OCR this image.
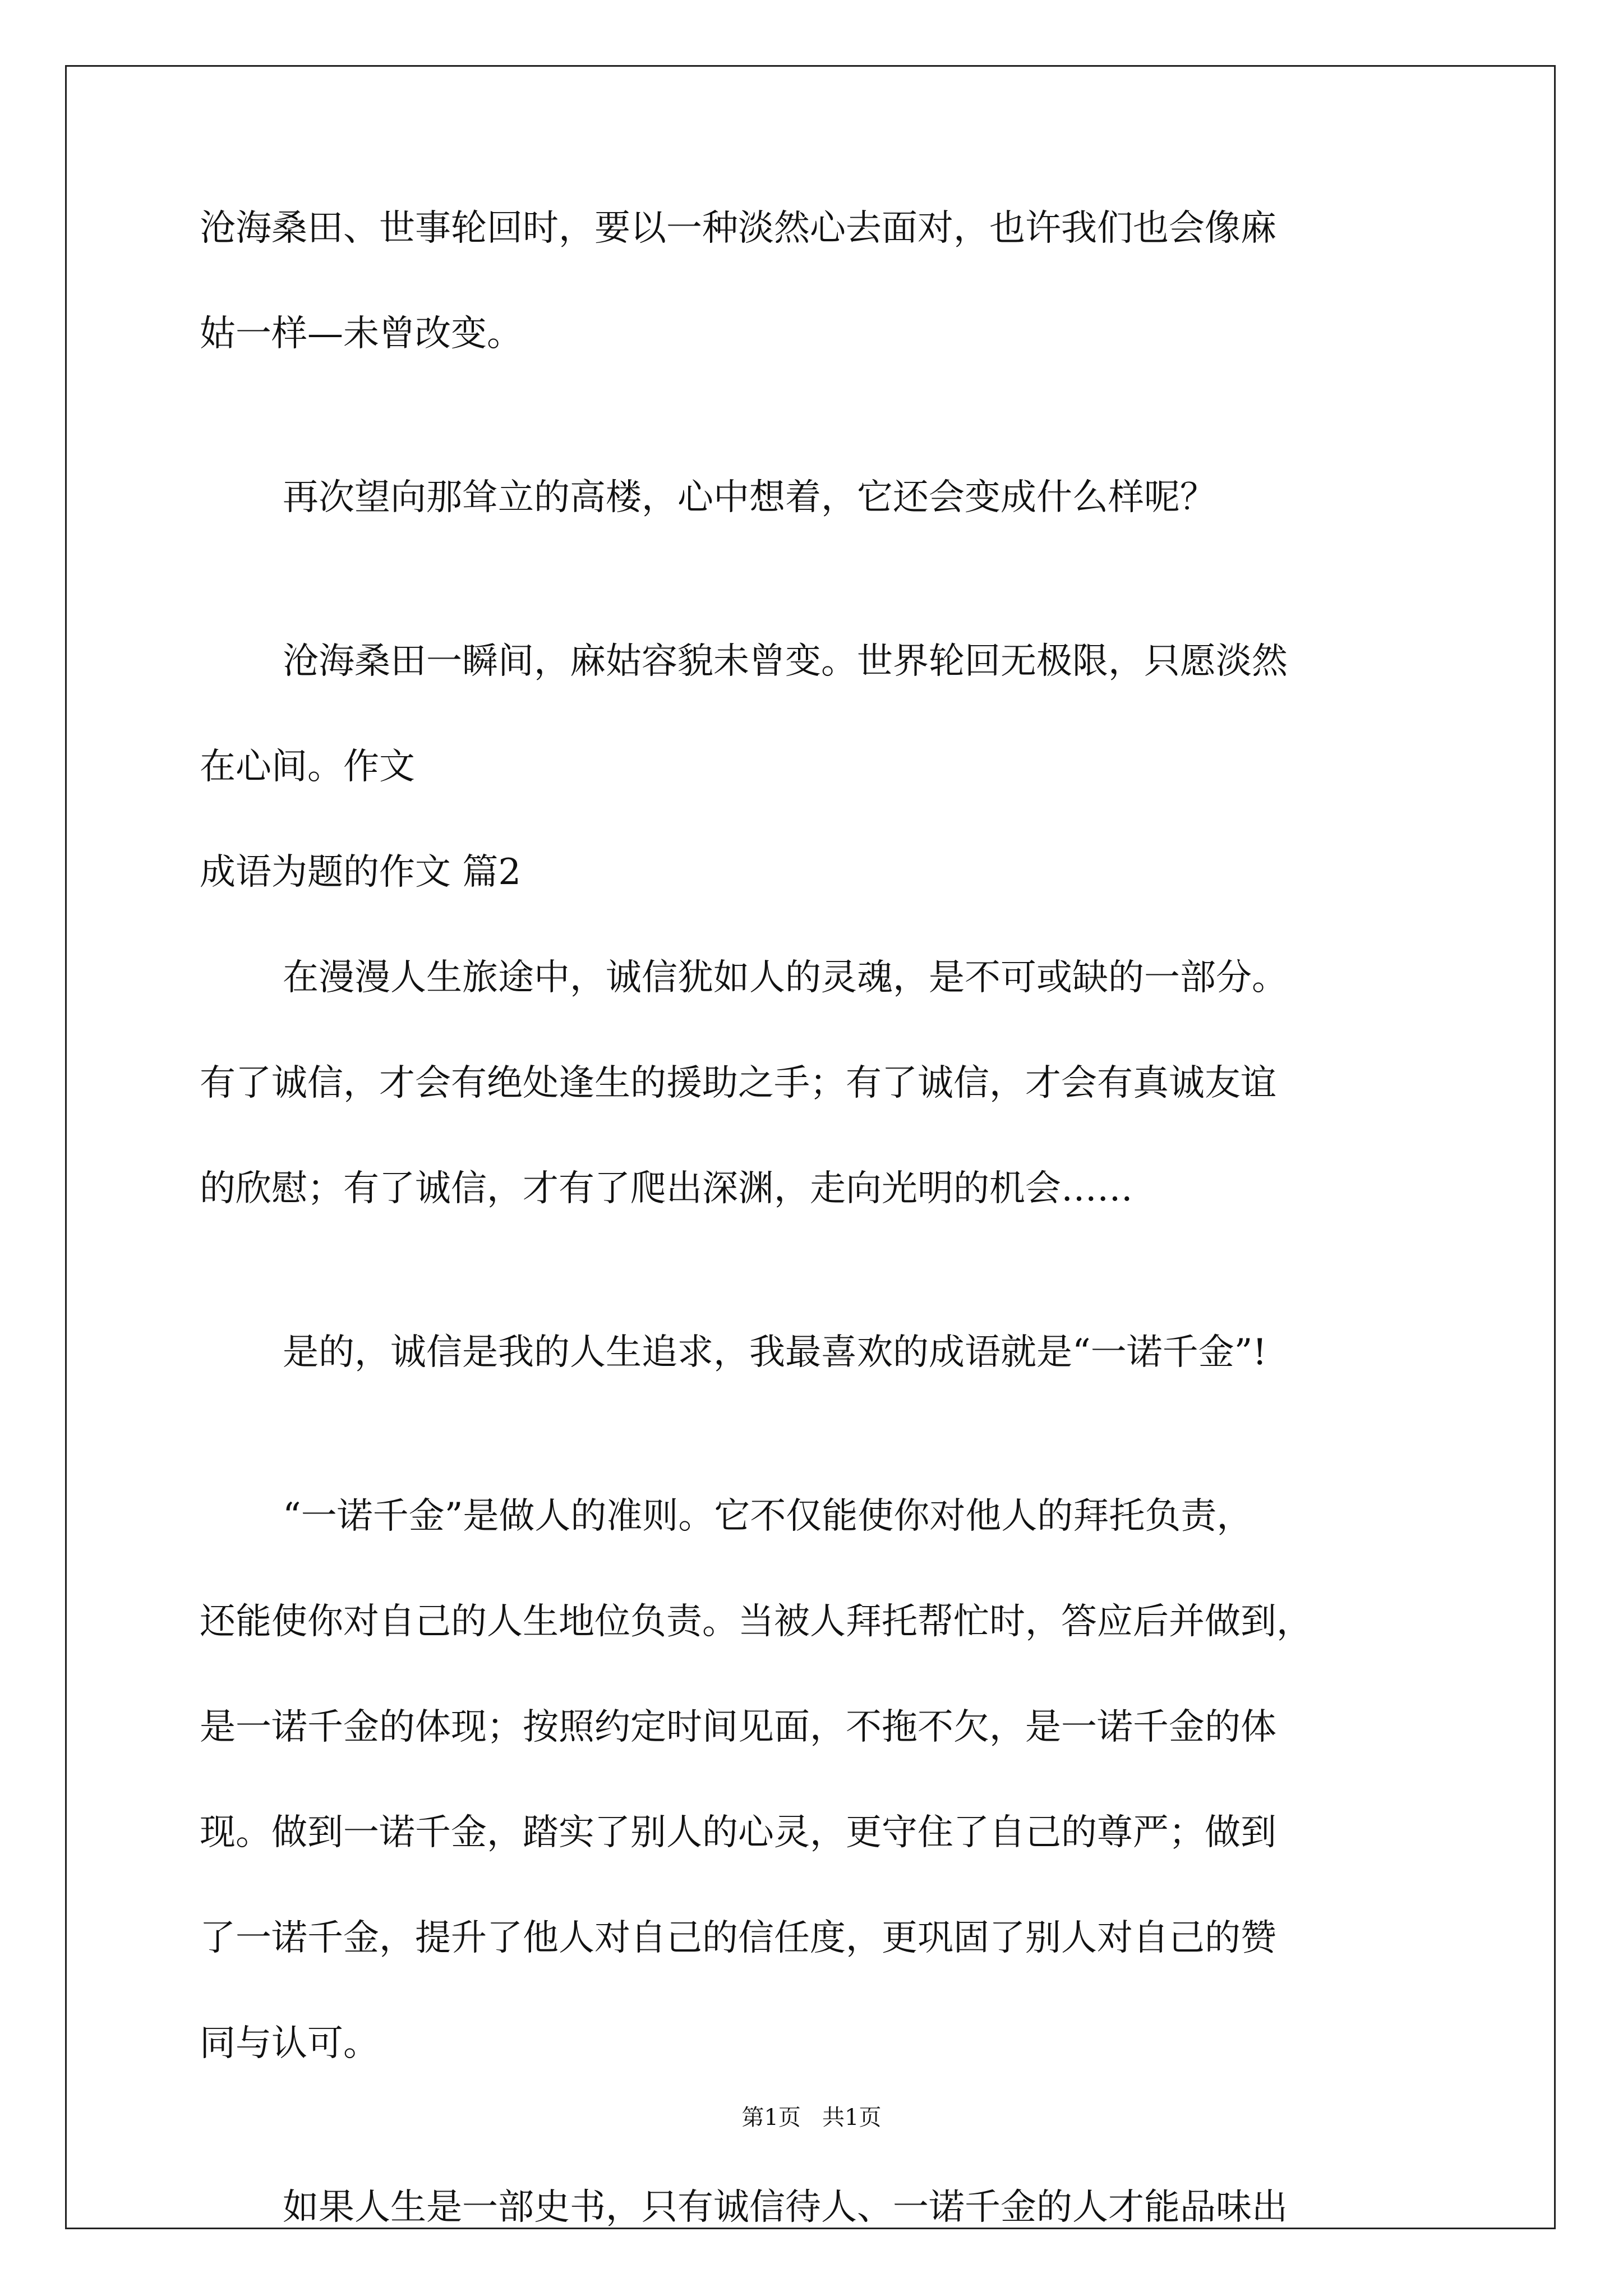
沧海桑田、世事轮回时，要以一种淡然心去面对，也许我们也会像麻

姑一样—未曾改变。

再次望向那耸立的高楼，心中想着，它还会变成什么样呢？

沧海桑田一瞬间，麻姑容貌未曾变。世界轮回无极限，只愿淡然

在心间。作文

成语为题的作文 篇2

在漫漫人生旅途中，诚信犹如人的灵魂，是不可或缺的一部分。

有了诚信，才会有绝处逢生的援助之手；有了诚信，才会有真诚友谊

的欣慰；有了诚信，才有了爬出深渊，走向光明的机会……

是的，诚信是我的人生追求，我最喜欢的成语就是“一诺千金”!

“一诺千金”是做人的准则。它不仅能使你对他人的拜托负责，

还能使你对自己的人生地位负责。当被人拜托帮忙时，答应后并做到，

是一诺千金的体现；按照约定时间见面，不拖不欠，是一诺千金的体

现。做到一诺千金，踏实了别人的心灵，更守住了自己的尊严；做到

了一诺千金，提升了他人对自己的信任度，更巩固了别人对自己的赞

同与认可。

如果人生是一部史书，只有诚信待人、一诺千金的人才能品味出

第1页   共1页
